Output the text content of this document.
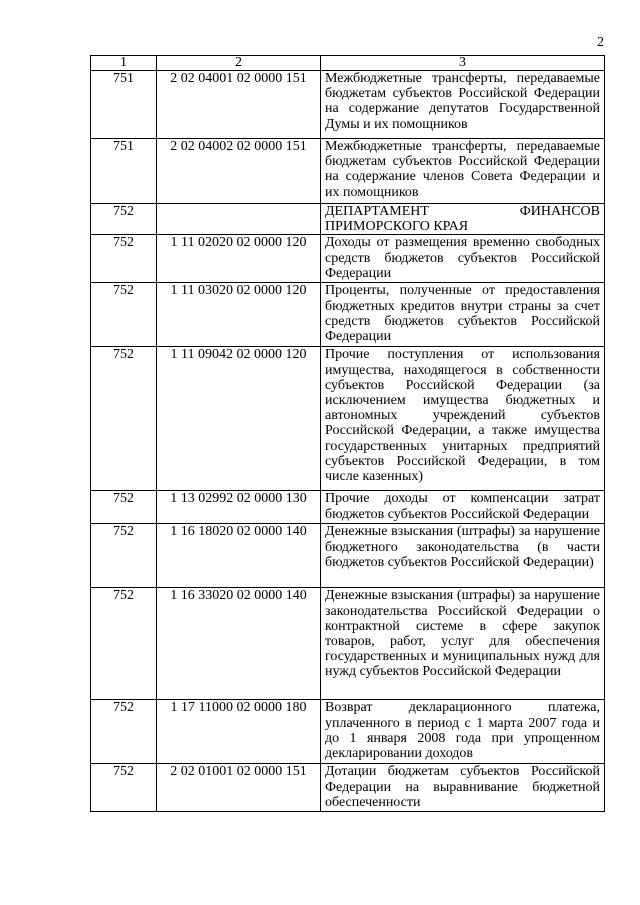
2
1	2	3
751	2 02 04001 02 0000 151	Межбюджетные трансферты, передаваемые бюджетам субъектов Российской Федерации на содержание депутатов Государственной Думы и их помощников
751	2 02 04002 02 0000 151	Межбюджетные трансферты, передаваемые бюджетам субъектов Российской Федерации на содержание членов Совета Федерации и их помощников
752		ДЕПАРТАМЕНТ ФИНАНСОВ ПРИМОРСКОГО КРАЯ
752	1 11 02020 02 0000 120	Доходы от размещения временно свободных средств бюджетов субъектов Российской Федерации
752	1 11 03020 02 0000 120	Проценты, полученные от предоставления бюджетных кредитов внутри страны за счет средств бюджетов субъектов Российской Федерации
752	1 11 09042 02 0000 120	Прочие поступления от использования имущества, находящегося в собственности субъектов Российской Федерации (за исключением имущества бюджетных и автономных учреждений субъектов Российской Федерации, а также имущества государственных унитарных предприятий субъектов Российской Федерации, в том числе казенных)
752	1 13 02992 02 0000 130	Прочие доходы от компенсации затрат бюджетов субъектов Российской Федерации
752	1 16 18020 02 0000 140	Денежные взыскания (штрафы) за нарушение бюджетного законодательства (в части бюджетов субъектов Российской Федерации)
752	1 16 33020 02 0000 140	Денежные взыскания (штрафы) за нарушение законодательства Российской Федерации о контрактной системе в сфере закупок товаров, работ, услуг для обеспечения государственных и муниципальных нужд для нужд субъектов Российской Федерации
752	1 17 11000 02 0000 180	Возврат декларационного платежа, уплаченного в период с 1 марта 2007 года и до 1 января 2008 года при упрощенном декларировании доходов
752	2 02 01001 02 0000 151	Дотации бюджетам субъектов Российской Федерации на выравнивание бюджетной обеспеченности
